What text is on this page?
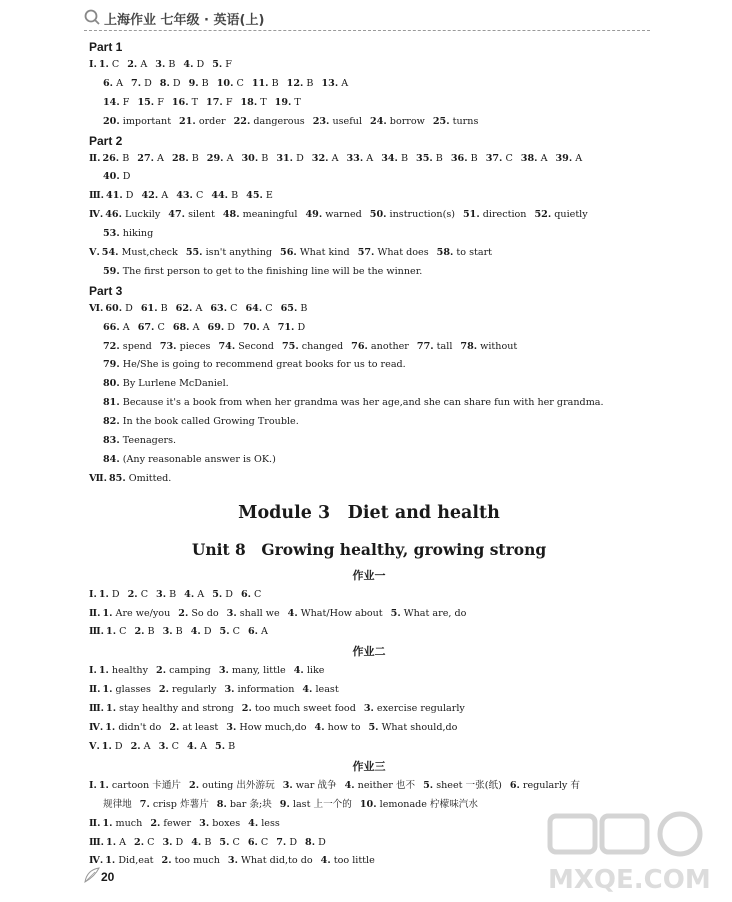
上海作业 七年级 · 英语(上)
Part 1
Ⅰ. 1. C 2. A 3. B 4. D 5. F
6. A 7. D 8. D 9. B 10. C 11. B 12. B 13. A
14. F 15. F 16. T 17. F 18. T 19. T
20. important 21. order 22. dangerous 23. useful 24. borrow 25. turns
Part 2
Ⅱ. 26. B 27. A 28. B 29. A 30. B 31. D 32. A 33. A 34. B 35. B 36. B 37. C 38. A 39. A
40. D
Ⅲ. 41. D 42. A 43. C 44. B 45. E
Ⅳ. 46. Luckily 47. silent 48. meaningful 49. warned 50. instruction(s) 51. direction 52. quietly
53. hiking
Ⅴ. 54. Must,check 55. isn't anything 56. What kind 57. What does 58. to start
59. The first person to get to the finishing line will be the winner.
Part 3
Ⅵ. 60. D 61. B 62. A 63. C 64. C 65. B
66. A 67. C 68. A 69. D 70. A 71. D
72. spend 73. pieces 74. Second 75. changed 76. another 77. tall 78. without
79. He/She is going to recommend great books for us to read.
80. By Lurlene McDaniel.
81. Because it's a book from when her grandma was her age,and she can share fun with her grandma.
82. In the book called Growing Trouble.
83. Teenagers.
84. (Any reasonable answer is OK.)
Ⅶ. 85. Omitted.
Module 3　Diet and health
Unit 8　Growing healthy, growing strong
作业一
Ⅰ. 1. D 2. C 3. B 4. A 5. D 6. C
Ⅱ. 1. Are we/you 2. So do 3. shall we 4. What/How about 5. What are, do
Ⅲ. 1. C 2. B 3. B 4. D 5. C 6. A
作业二
Ⅰ. 1. healthy 2. camping 3. many, little 4. like
Ⅱ. 1. glasses 2. regularly 3. information 4. least
Ⅲ. 1. stay healthy and strong 2. too much sweet food 3. exercise regularly
Ⅳ. 1. didn't do 2. at least 3. How much,do 4. how to 5. What should,do
Ⅴ. 1. D 2. A 3. C 4. A 5. B
作业三
Ⅰ. 1. cartoon 卡通片 2. outing 出外游玩 3. war 战争 4. neither 也不 5. sheet 一张(纸) 6. regularly 有
规律地 7. crisp 炸薯片 8. bar 条;块 9. last 上一个的 10. lemonade 柠檬味汽水
Ⅱ. 1. much 2. fewer 3. boxes 4. less
Ⅲ. 1. A 2. C 3. D 4. B 5. C 6. C 7. D 8. D
Ⅳ. 1. Did,eat 2. too much 3. What did,to do 4. too little
20	MXQE.COM
